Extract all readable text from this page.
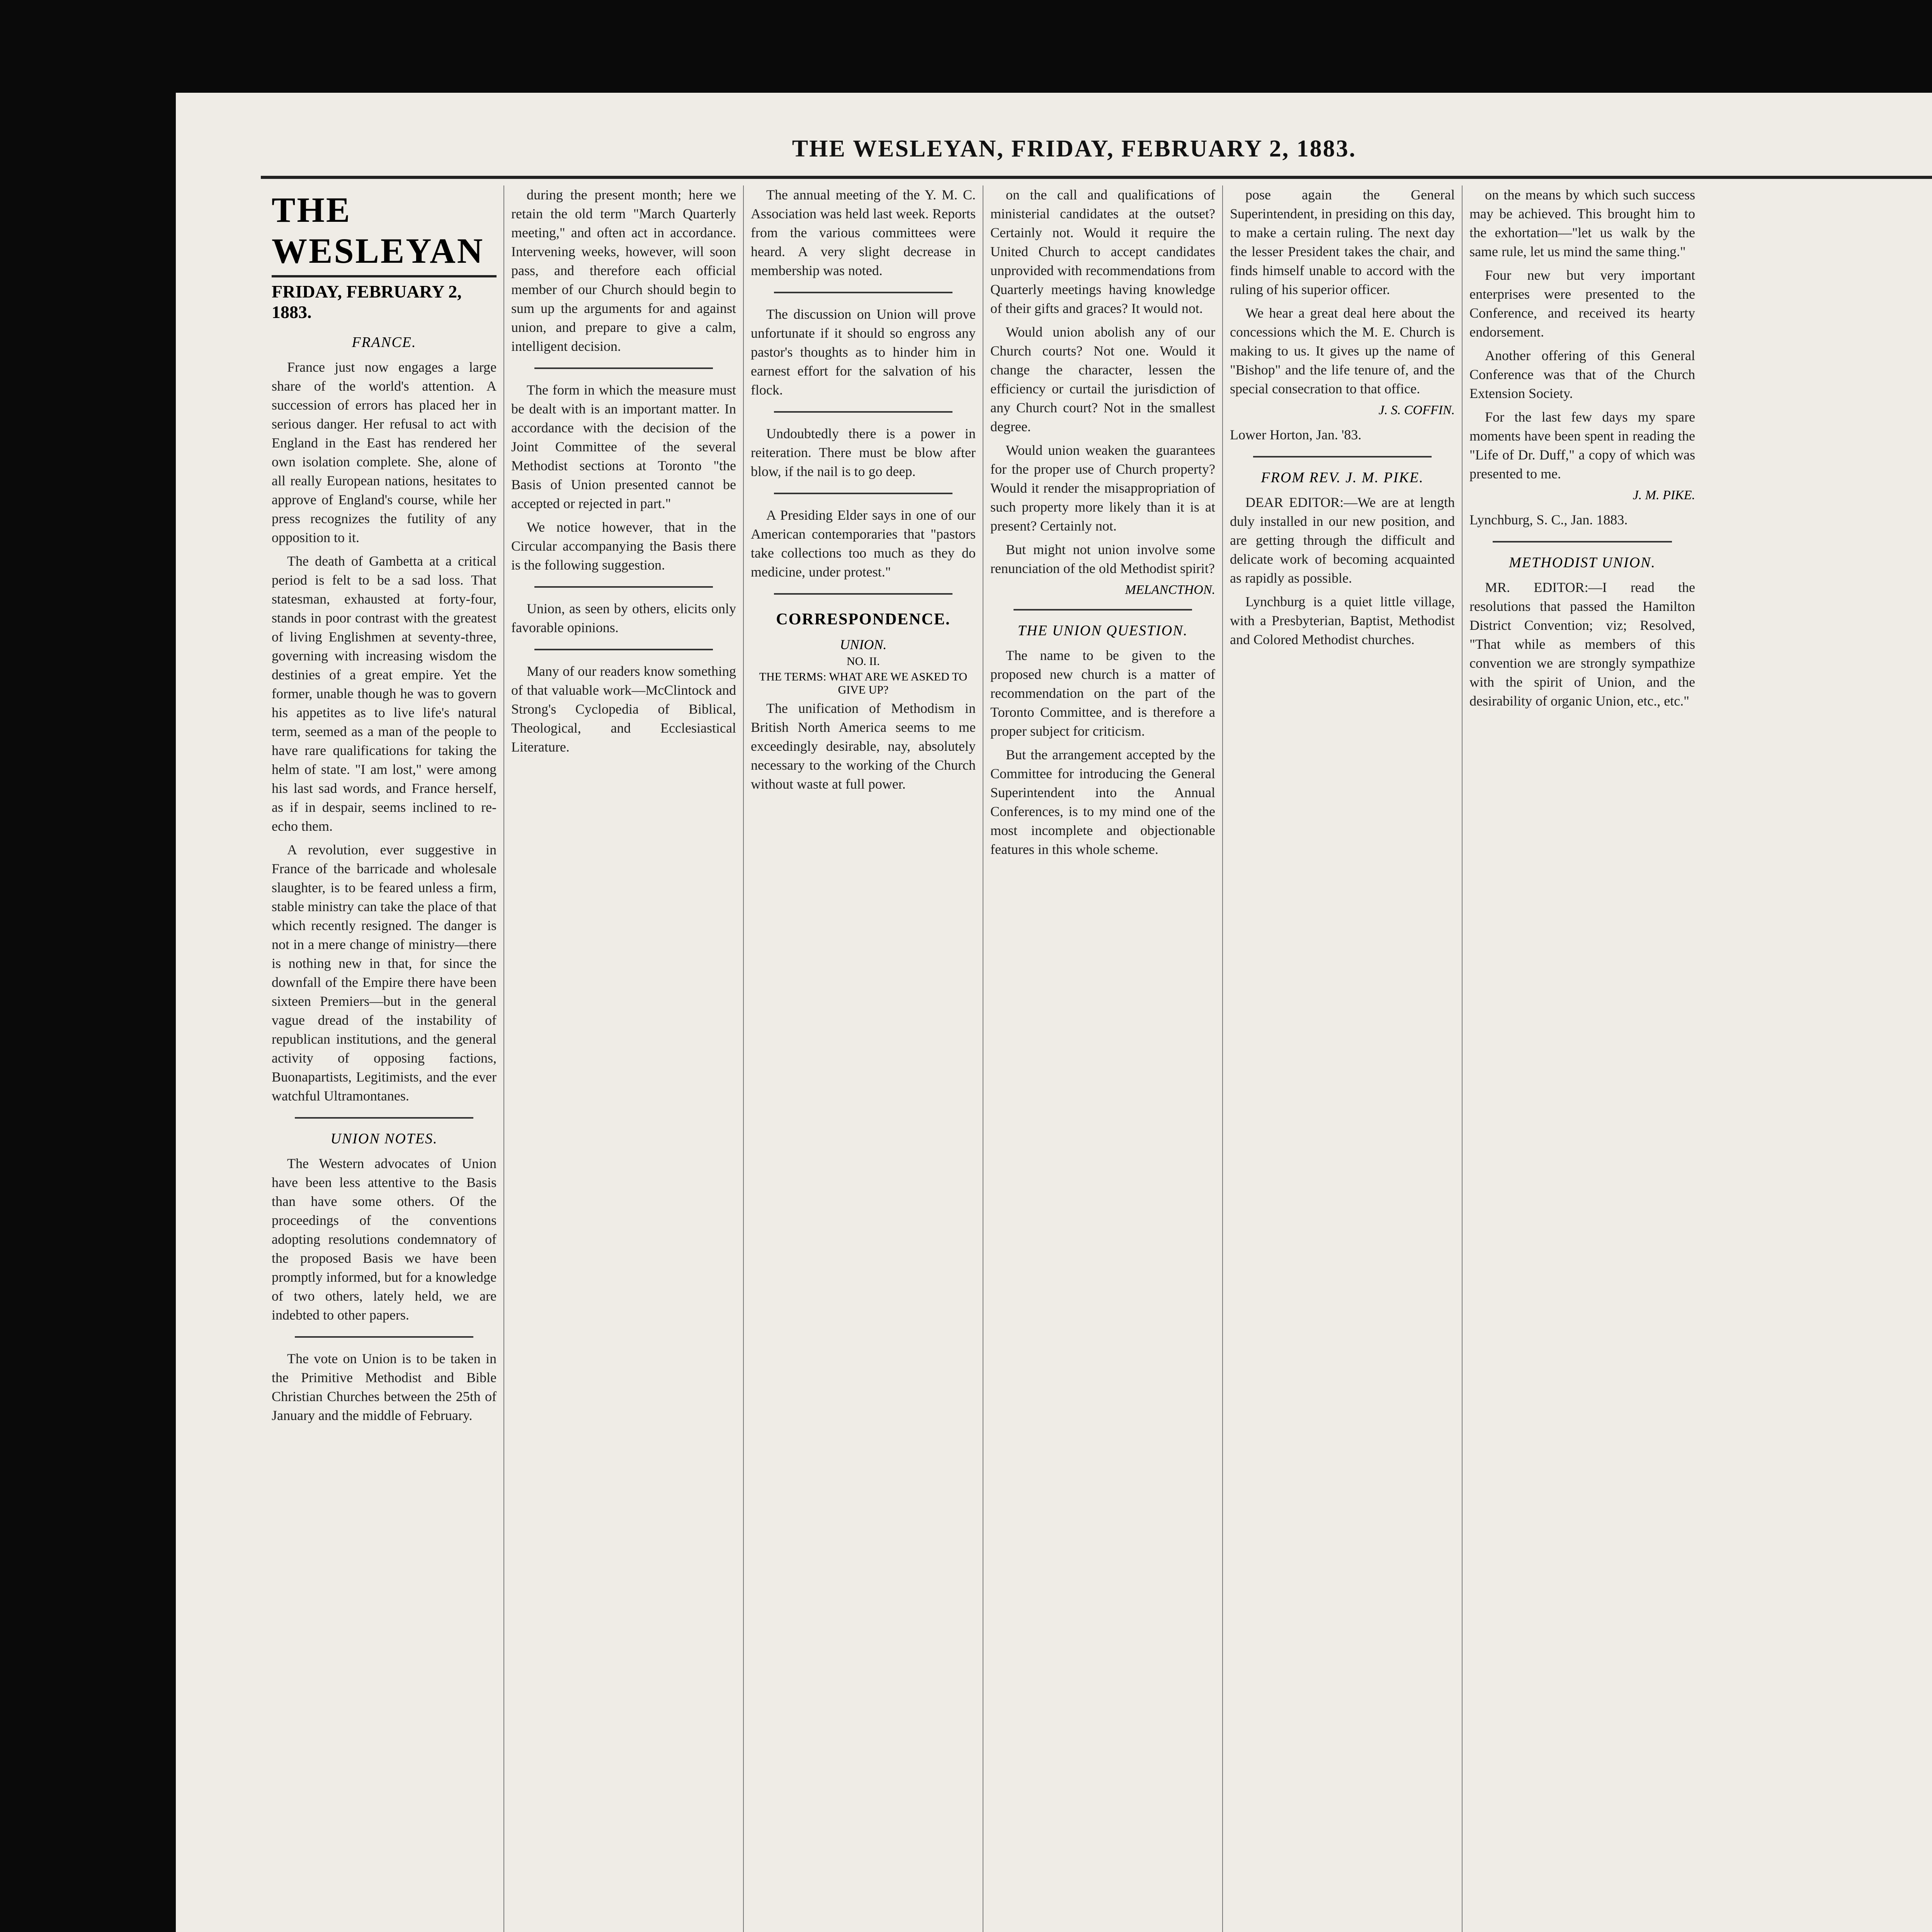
THE WESLEYAN, FRIDAY, FEBRUARY 2, 1883.
THE WESLEYAN
FRIDAY, FEBRUARY 2, 1883.
FRANCE.

France just now engages a large share of the world's attention. A succession of errors has placed her in serious danger. Her refusal to act with England in the East has rendered her own isolation complete. She, alone of all really European nations, hesitates to approve of England's course, while her press recognizes the futility of any opposition to it.

The death of Gambetta at a critical period is felt to be a sad loss. That statesman, exhausted at forty-four, stands in poor contrast with the greatest of living Englishmen at seventy-three, governing with increasing wisdom the destinies of a great empire. Yet the former, unable though he was to govern his appetites as to live life's natural term, seemed as a man of the people to have rare qualifications for taking the helm of state. "I am lost," were among his last sad words, and France herself, as if in despair, seems inclined to re-echo them.

A revolution, ever suggestive in France of the barricade and wholesale slaughter, is to be feared unless a firm, stable ministry can take the place of that which recently resigned. The danger is not in a mere change of ministry—there is nothing new in that, for since the downfall of the Empire there have been sixteen Premiers—but in the general vague dread of the instability of republican institutions, and the general activity of opposing factions, Buonapartists, Legitimists, and the ever watchful Ultramontanes.

UNION NOTES.

The Western advocates of Union have been less attentive to the Basis than have some others. Of the proceedings of the conventions adopting resolutions condemnatory of the proposed Basis we have been promptly informed, but for a knowledge of two others, lately held, we are indebted to other papers.

The vote on Union is to be taken in the Primitive Methodist and Bible Christian Churches between the 25th of January and the middle of February.

during the present month; here we retain the old term "March Quarterly meeting," and often act in accordance. Intervening weeks, however, will soon pass, and therefore each official member of our Church should begin to sum up the arguments for and against union, and prepare to give a calm, intelligent decision.

The form in which the measure must be dealt with is an important matter. In accordance with the decision of the Joint Committee of the several Methodist sections at Toronto "the Basis of Union presented cannot be accepted or rejected in part."

We notice however, that in the Circular accompanying the Basis there is the following suggestion.

Union, as seen by others, elicits only favorable opinions.

Many of our readers know something of that valuable work—McClintock and Strong's Cyclopedia of Biblical, Theological, and Ecclesiastical Literature.

The annual meeting of the Y. M. C. Association was held last week. Reports from the various committees were heard. A very slight decrease in membership was noted.

The discussion on Union will prove unfortunate if it should so engross any pastor's thoughts as to hinder him in earnest effort for the salvation of his flock.

Undoubtedly there is a power in reiteration. There must be blow after blow, if the nail is to go deep.

A Presiding Elder says in one of our American contemporaries that "pastors take collections too much as they do medicine, under protest."

CORRESPONDENCE.
UNION.
NO. II.
THE TERMS: WHAT ARE WE ASKED TO GIVE UP?

The unification of Methodism in British North America seems to me exceedingly desirable, nay, absolutely necessary to the working of the Church without waste at full power.

on the call and qualifications of ministerial candidates at the outset? Certainly not. Would it require the United Church to accept candidates unprovided with recommendations from Quarterly meetings having knowledge of their gifts and graces? It would not.

Would union abolish any of our Church courts? Not one. Would it change the character, lessen the efficiency or curtail the jurisdiction of any Church court? Not in the smallest degree.

Would union weaken the guarantees for the proper use of Church property? Would it render the misappropriation of such property more likely than it is at present? Certainly not.

But might not union involve some renunciation of the old Methodist spirit?

MELANCTHON.
THE UNION QUESTION.

The name to be given to the proposed new church is a matter of recommendation on the part of the Toronto Committee, and is therefore a proper subject for criticism.

But the arrangement accepted by the Committee for introducing the General Superintendent into the Annual Conferences, is to my mind one of the most incomplete and objectionable features in this whole scheme.

pose again the General Superintendent, in presiding on this day, to make a certain ruling. The next day the lesser President takes the chair, and finds himself unable to accord with the ruling of his superior officer.

We hear a great deal here about the concessions which the M. E. Church is making to us. It gives up the name of "Bishop" and the life tenure of, and the special consecration to that office.

J. S. COFFIN.

Lower Horton, Jan. '83.

FROM REV. J. M. PIKE.

DEAR EDITOR:—We are at length duly installed in our new position, and are getting through the difficult and delicate work of becoming acquainted as rapidly as possible.

Lynchburg is a quiet little village, with a Presbyterian, Baptist, Methodist and Colored Methodist churches.

on the means by which such success may be achieved. This brought him to the exhortation—"let us walk by the same rule, let us mind the same thing."

Four new but very important enterprises were presented to the Conference, and received its hearty endorsement.

Another offering of this General Conference was that of the Church Extension Society.

For the last few days my spare moments have been spent in reading the "Life of Dr. Duff," a copy of which was presented to me.

J. M. PIKE.

Lynchburg, S. C., Jan. 1883.

METHODIST UNION.

MR. EDITOR:—I read the resolutions that passed the Hamilton District Convention; viz; Resolved, "That while as members of this convention we are strongly sympathize with the spirit of Union, and the desirability of organic Union, etc., etc."
